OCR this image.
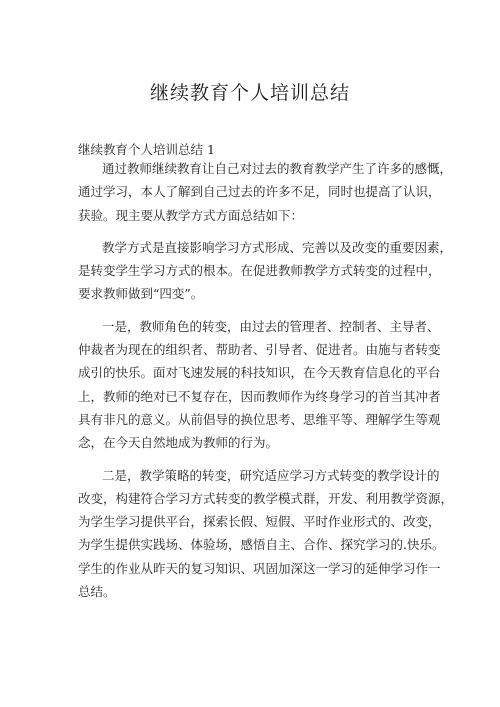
继续教育个人培训总结

继续教育个人培训总结 1

通过教师继续教育让自己对过去的教育教学产生了许多的感慨，
通过学习，本人了解到自己过去的许多不足，同时也提高了认识，
获验。现主要从教学方式方面总结如下：

教学方式是直接影响学习方式形成、完善以及改变的重要因素，
是转变学生学习方式的根本。在促进教师教学方式转变的过程中，
要求教师做到“四变”。

一是，教师角色的转变，由过去的管理者、控制者、主导者、
仲裁者为现在的组织者、帮助者、引导者、促进者。由施与者转变
成引的快乐。面对飞速发展的科技知识，在今天教育信息化的平台
上，教师的绝对已不复存在，因而教师作为终身学习的首当其冲者
具有非凡的意义。从前倡导的换位思考、思维平等、理解学生等观
念，在今天自然地成为教师的行为。

二是，教学策略的转变，研究适应学习方式转变的教学设计的
改变，构建符合学习方式转变的教学模式群，开发、利用教学资源，
为学生学习提供平台，探索长假、短假、平时作业形式的、改变，
为学生提供实践场、体验场，感悟自主、合作、探究学习的.快乐。
学生的作业从昨天的复习知识、巩固加深这一学习的延伸学习作一
总结。
